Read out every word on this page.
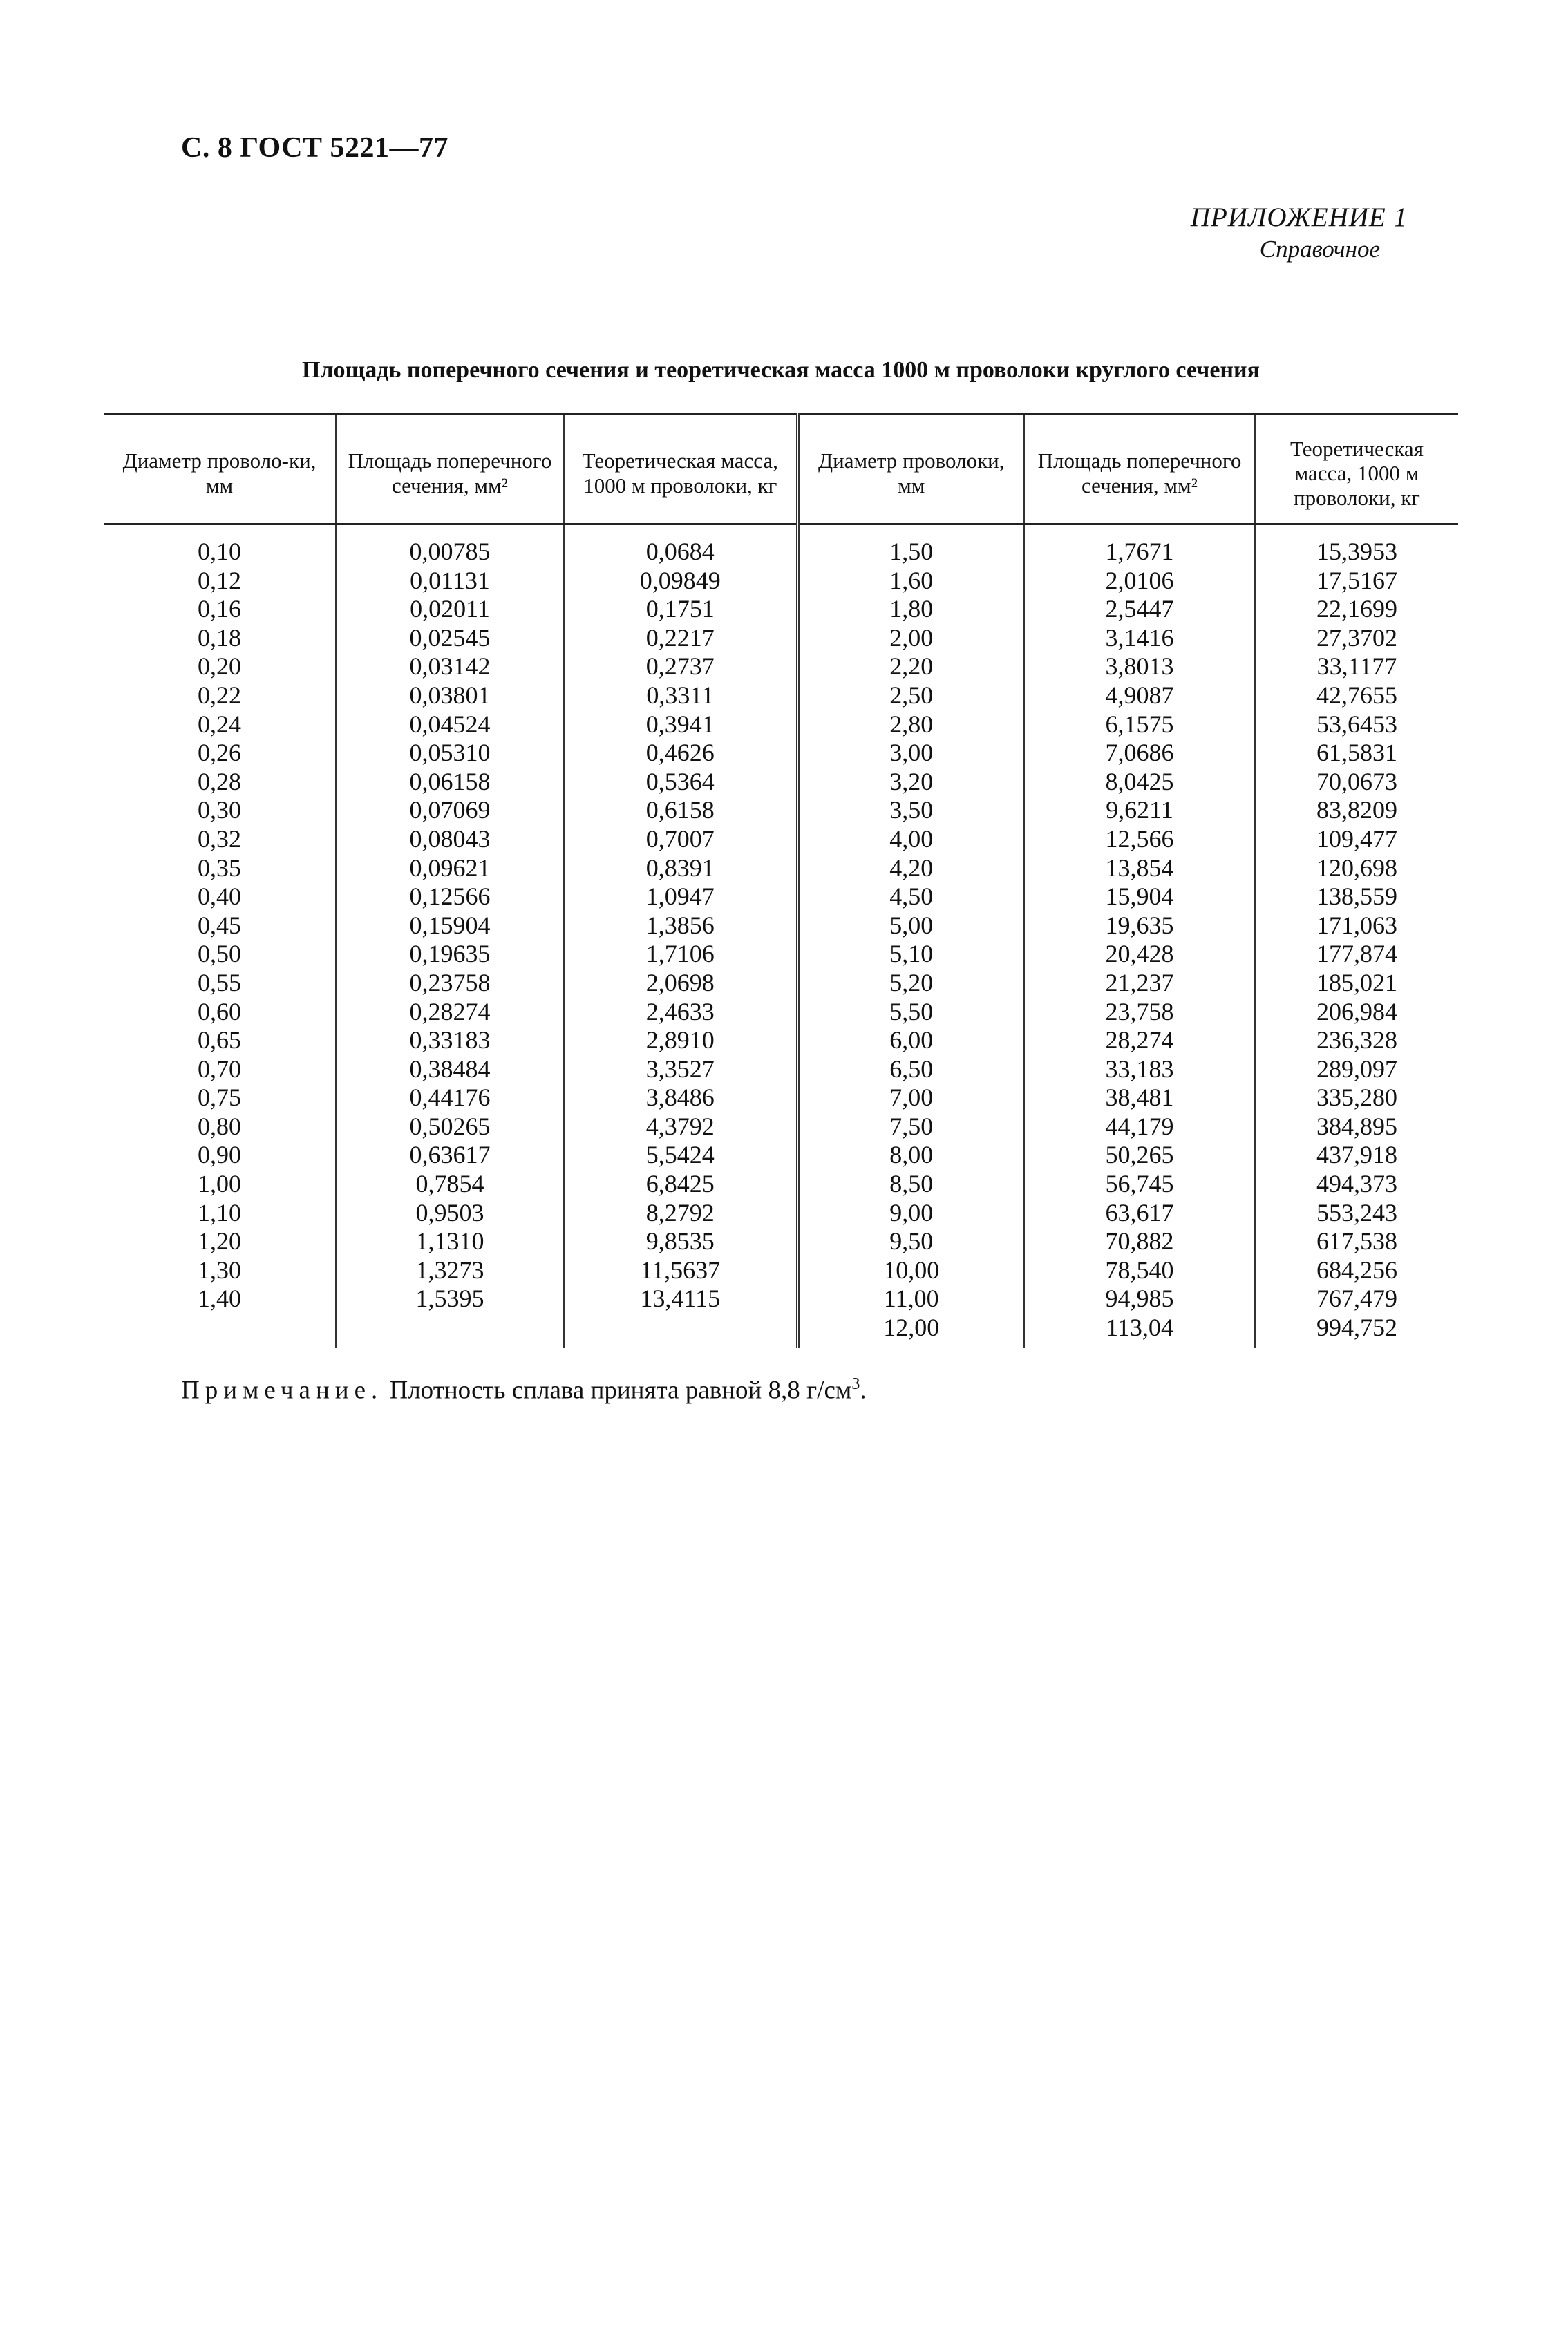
С. 8 ГОСТ 5221—77
ПРИЛОЖЕНИЕ 1
Справочное
Площадь поперечного сечения и теоретическая масса 1000 м проволоки круглого сечения
Диаметр проволо-ки, мм	Площадь поперечного сечения, мм²	Теоретическая масса, 1000 м проволоки, кг	Диаметр проволоки, мм	Площадь поперечного сечения, мм²	Теоретическая масса, 1000 м проволоки, кг
0,10	0,00785	0,0684	1,50	1,7671	15,3953
0,12	0,01131	0,09849	1,60	2,0106	17,5167
0,16	0,02011	0,1751	1,80	2,5447	22,1699
0,18	0,02545	0,2217	2,00	3,1416	27,3702
0,20	0,03142	0,2737	2,20	3,8013	33,1177
0,22	0,03801	0,3311	2,50	4,9087	42,7655
0,24	0,04524	0,3941	2,80	6,1575	53,6453
0,26	0,05310	0,4626	3,00	7,0686	61,5831
0,28	0,06158	0,5364	3,20	8,0425	70,0673
0,30	0,07069	0,6158	3,50	9,6211	83,8209
0,32	0,08043	0,7007	4,00	12,566	109,477
0,35	0,09621	0,8391	4,20	13,854	120,698
0,40	0,12566	1,0947	4,50	15,904	138,559
0,45	0,15904	1,3856	5,00	19,635	171,063
0,50	0,19635	1,7106	5,10	20,428	177,874
0,55	0,23758	2,0698	5,20	21,237	185,021
0,60	0,28274	2,4633	5,50	23,758	206,984
0,65	0,33183	2,8910	6,00	28,274	236,328
0,70	0,38484	3,3527	6,50	33,183	289,097
0,75	0,44176	3,8486	7,00	38,481	335,280
0,80	0,50265	4,3792	7,50	44,179	384,895
0,90	0,63617	5,5424	8,00	50,265	437,918
1,00	0,7854	6,8425	8,50	56,745	494,373
1,10	0,9503	8,2792	9,00	63,617	553,243
1,20	1,1310	9,8535	9,50	70,882	617,538
1,30	1,3273	11,5637	10,00	78,540	684,256
1,40	1,5395	13,4115	11,00	94,985	767,479
			12,00	113,04	994,752
Примечание. Плотность сплава принята равной 8,8 $г/см^3$.
